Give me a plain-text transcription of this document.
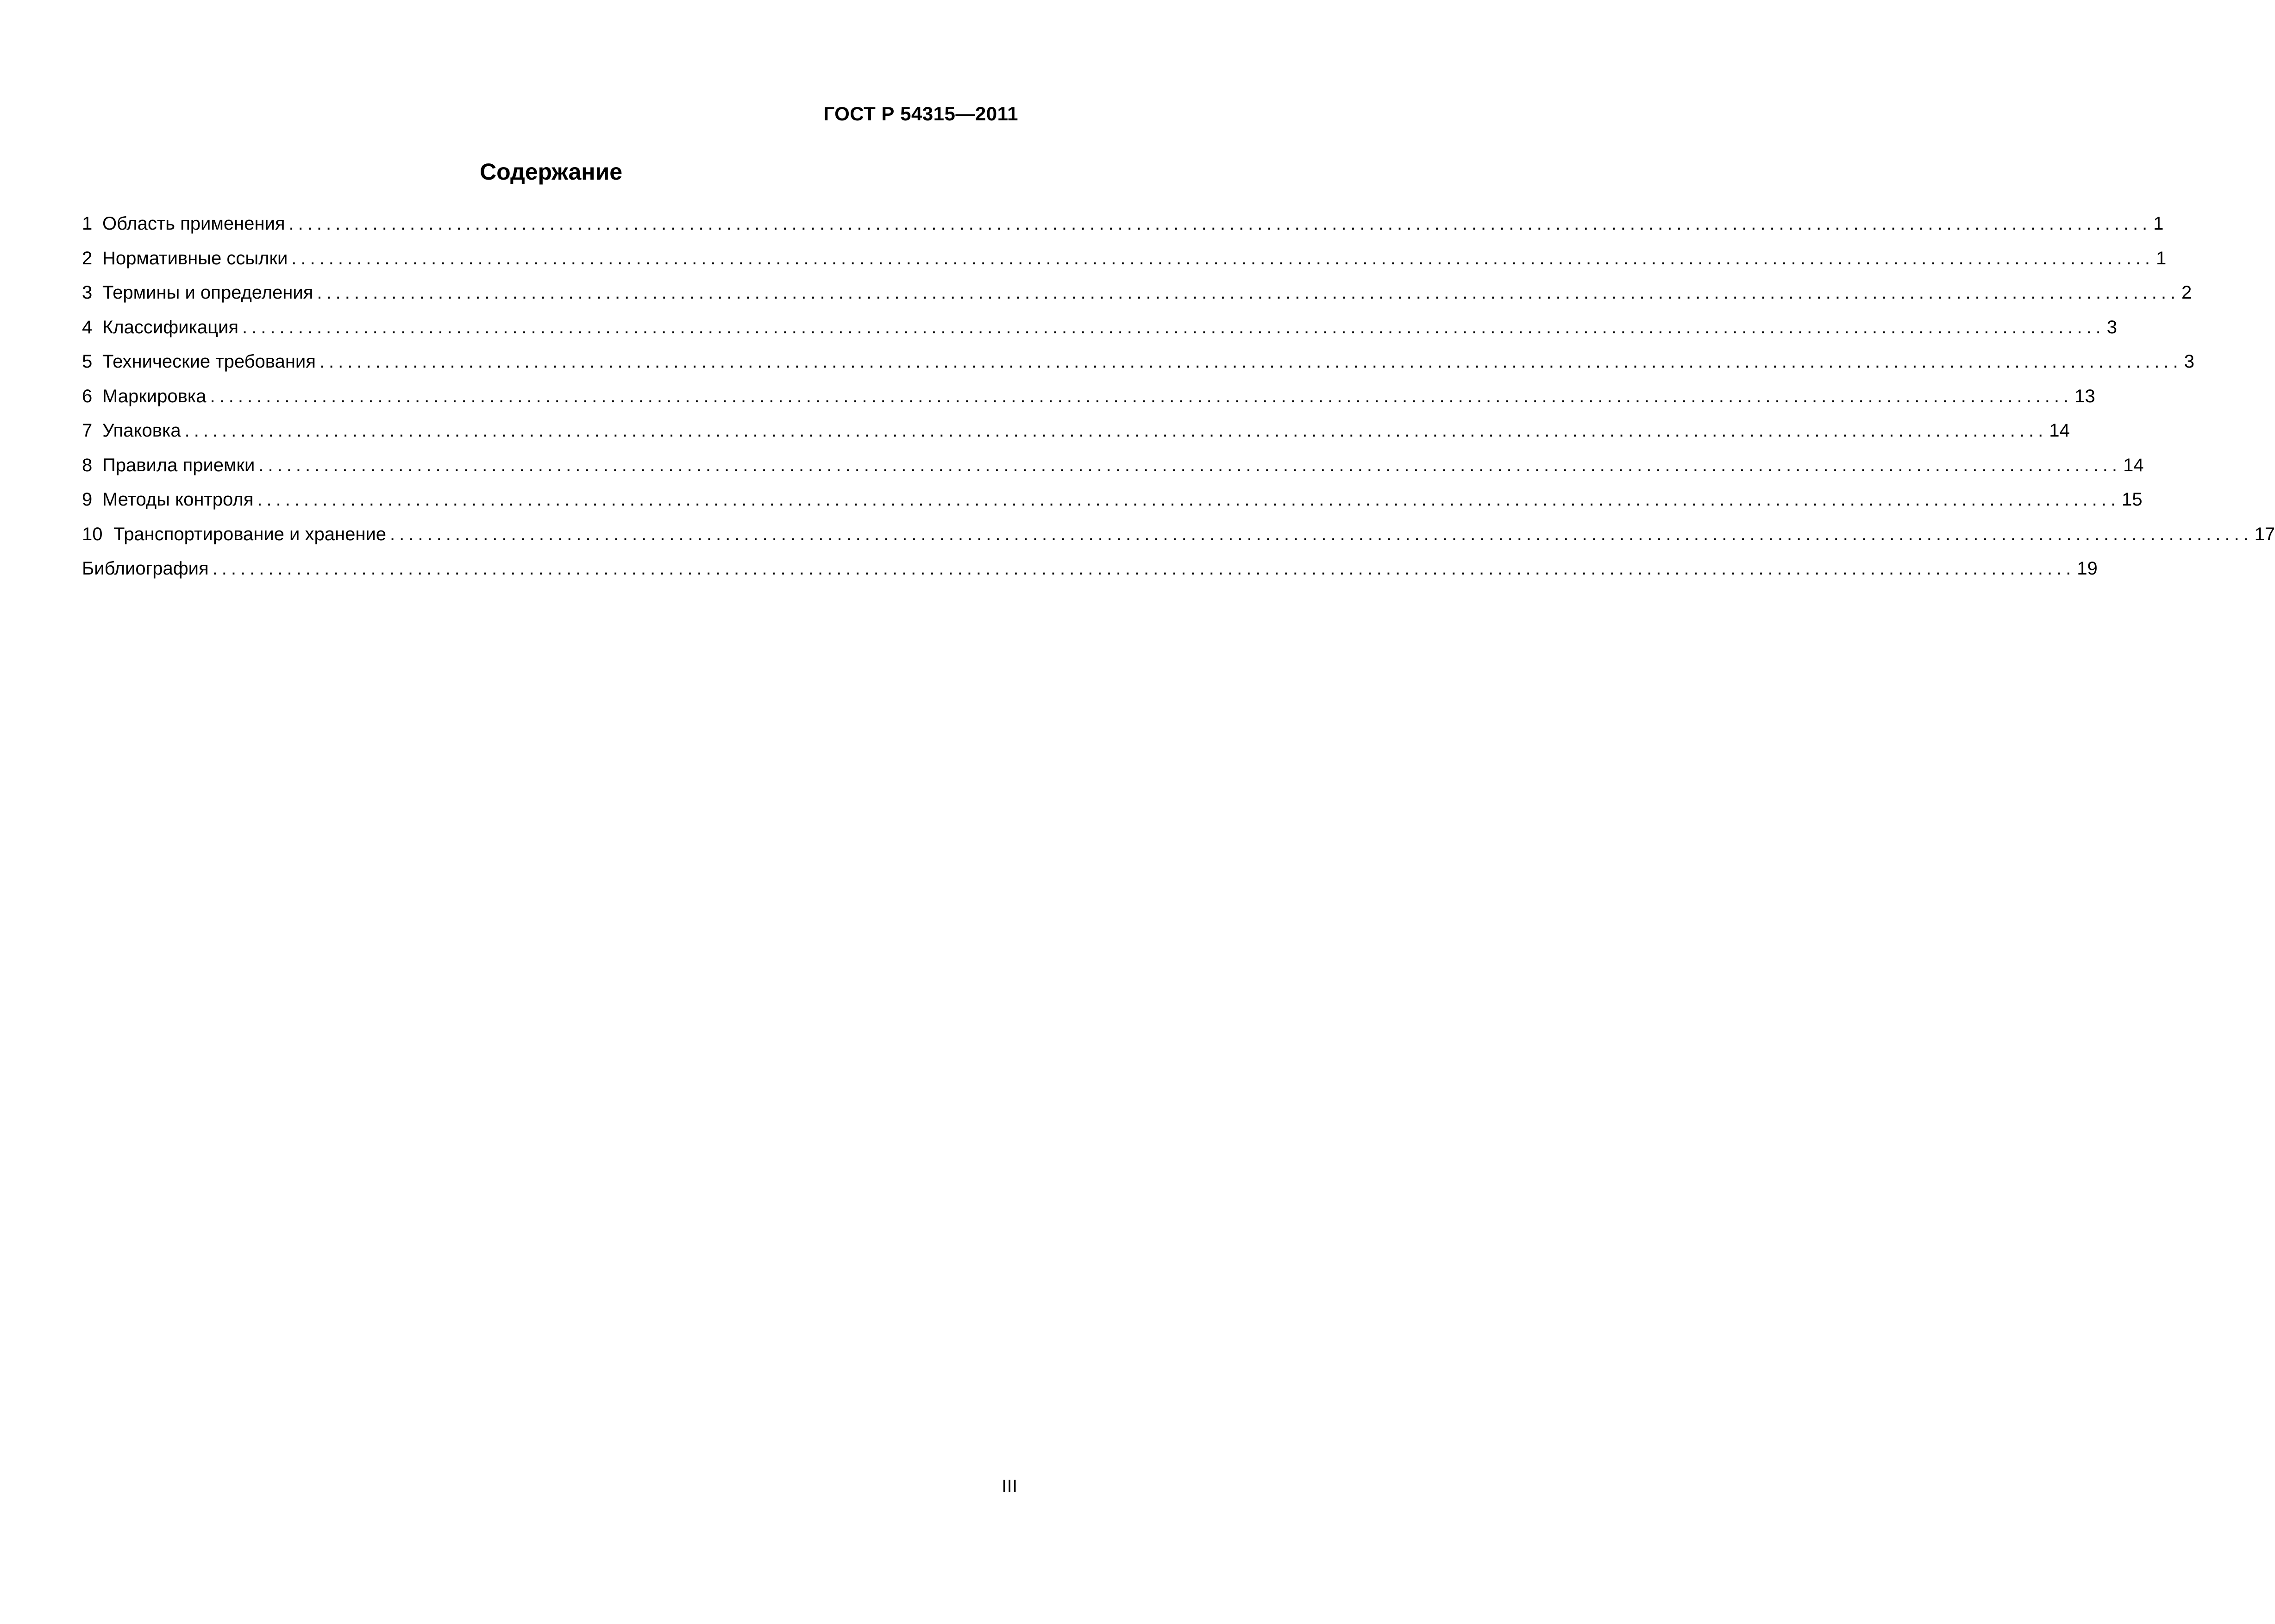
ГОСТ Р 54315—2011
Содержание
1 Область применения ........................................................................................................................................................................................................ 1
2 Нормативные ссылки ........................................................................................................................................................................................................ 1
3 Термины и определения ........................................................................................................................................................................................................ 2
4 Классификация ........................................................................................................................................................................................................ 3
5 Технические требования ........................................................................................................................................................................................................ 3
6 Маркировка ........................................................................................................................................................................................................ 13
7 Упаковка ........................................................................................................................................................................................................ 14
8 Правила приемки ........................................................................................................................................................................................................ 14
9 Методы контроля ........................................................................................................................................................................................................ 15
10 Транспортирование и хранение ........................................................................................................................................................................................................ 17
Библиография ........................................................................................................................................................................................................ 19
III
